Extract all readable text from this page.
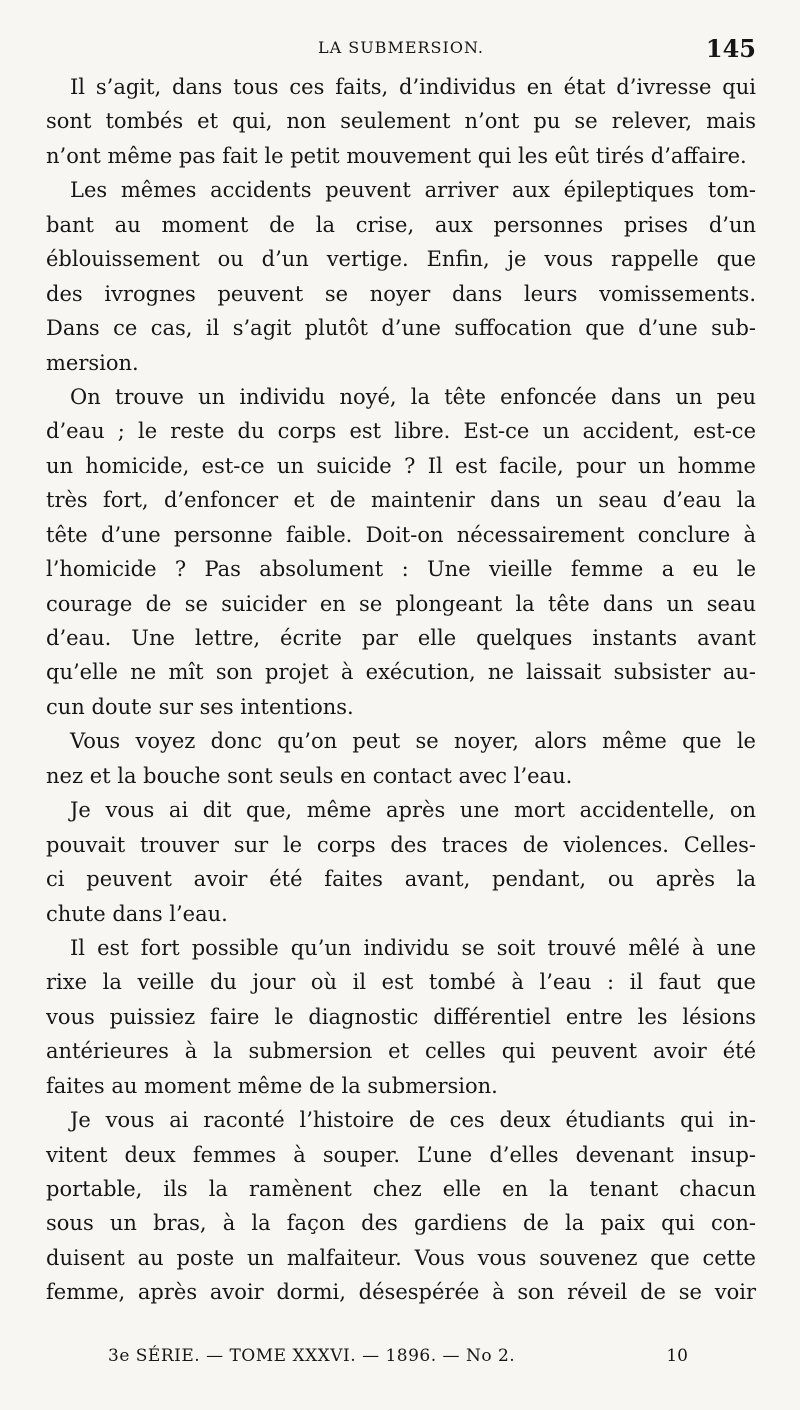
LA SUBMERSION.	145
Il s’agit, dans tous ces faits, d’individus en état d’ivresse qui
sont tombés et qui, non seulement n’ont pu se relever, mais
n’ont même pas fait le petit mouvement qui les eût tirés d’affaire.
Les mêmes accidents peuvent arriver aux épileptiques tom-
bant au moment de la crise, aux personnes prises d’un
éblouissement ou d’un vertige. Enfin, je vous rappelle que
des ivrognes peuvent se noyer dans leurs vomissements.
Dans ce cas, il s’agit plutôt d’une suffocation que d’une sub-
mersion.
On trouve un individu noyé, la tête enfoncée dans un peu
d’eau ; le reste du corps est libre. Est-ce un accident, est-ce
un homicide, est-ce un suicide ? Il est facile, pour un homme
très fort, d’enfoncer et de maintenir dans un seau d’eau la
tête d’une personne faible. Doit-on nécessairement conclure à
l’homicide ? Pas absolument : Une vieille femme a eu le
courage de se suicider en se plongeant la tête dans un seau
d’eau. Une lettre, écrite par elle quelques instants avant
qu’elle ne mît son projet à exécution, ne laissait subsister au-
cun doute sur ses intentions.
Vous voyez donc qu’on peut se noyer, alors même que le
nez et la bouche sont seuls en contact avec l’eau.
Je vous ai dit que, même après une mort accidentelle, on
pouvait trouver sur le corps des traces de violences. Celles-
ci peuvent avoir été faites avant, pendant, ou après la
chute dans l’eau.
Il est fort possible qu’un individu se soit trouvé mêlé à une
rixe la veille du jour où il est tombé à l’eau : il faut que
vous puissiez faire le diagnostic différentiel entre les lésions
antérieures à la submersion et celles qui peuvent avoir été
faites au moment même de la submersion.
Je vous ai raconté l’histoire de ces deux étudiants qui in-
vitent deux femmes à souper. L’une d’elles devenant insup-
portable, ils la ramènent chez elle en la tenant chacun
sous un bras, à la façon des gardiens de la paix qui con-
duisent au poste un malfaiteur. Vous vous souvenez que cette
femme, après avoir dormi, désespérée à son réveil de se voir
3e SÉRIE. — TOME XXXVI. — 1896. — No 2.	10
